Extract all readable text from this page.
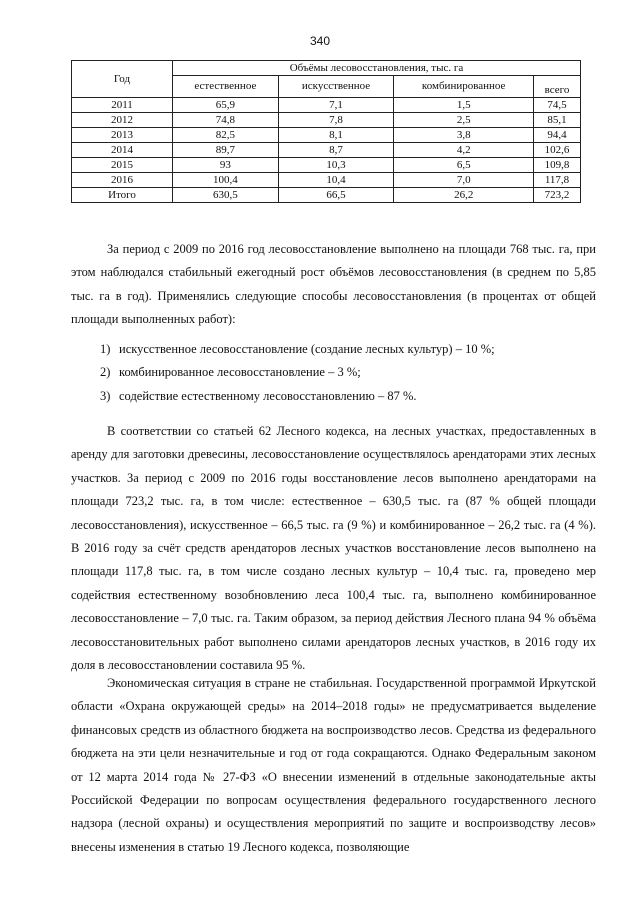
340
Год	Объёмы лесовосстановления, тыс. га			
	естественное	искусственное	комбинированное	всего
2011	65,9	7,1	1,5	74,5
2012	74,8	7,8	2,5	85,1
2013	82,5	8,1	3,8	94,4
2014	89,7	8,7	4,2	102,6
2015	93	10,3	6,5	109,8
2016	100,4	10,4	7,0	117,8
Итого	630,5	66,5	26,2	723,2

За период с 2009 по 2016 год лесовосстановление выполнено на площади 768 тыс. га, при этом наблюдался стабильный ежегодный рост объёмов лесовосстановления (в среднем по 5,85 тыс. га в год). Применялись следующие способы лесовосстановления (в процентах от общей площади выполненных работ):

1) искусственное лесовосстановление (создание лесных культур) – 10 %;
2) комбинированное лесовосстановление – 3 %;
3) содействие естественному лесовосстановлению – 87 %.

В соответствии со статьей 62 Лесного кодекса, на лесных участках, предоставленных в аренду для заготовки древесины, лесовосстановление осуществлялось арендаторами этих лесных участков. За период с 2009 по 2016 годы восстановление лесов выполнено арендаторами на площади 723,2 тыс. га, в том числе: естественное – 630,5 тыс. га (87 % общей площади лесовосстановления), искусственное – 66,5 тыс. га (9 %) и комбинированное – 26,2 тыс. га (4 %). В 2016 году за счёт средств арендаторов лесных участков восстановление лесов выполнено на площади 117,8 тыс. га, в том числе создано лесных культур – 10,4 тыс. га, проведено мер содействия естественному возобновлению леса 100,4 тыс. га, выполнено комбинированное лесовосстановление – 7,0 тыс. га. Таким образом, за период действия Лесного плана 94 % объёма лесовосстановительных работ выполнено силами арендаторов лесных участков, в 2016 году их доля в лесовосстановлении составила 95 %.

Экономическая ситуация в стране не стабильная. Государственной программой Иркутской области «Охрана окружающей среды» на 2014–2018 годы» не предусматривается выделение финансовых средств из областного бюджета на воспроизводство лесов. Средства из федерального бюджета на эти цели незначительные и год от года сокращаются. Однако Федеральным законом от 12 марта 2014 года № 27-ФЗ «О внесении изменений в отдельные законодательные акты Российской Федерации по вопросам осуществления федерального государственного лесного надзора (лесной охраны) и осуществления мероприятий по защите и воспроизводству лесов» внесены изменения в статью 19 Лесного кодекса, позволяющие
